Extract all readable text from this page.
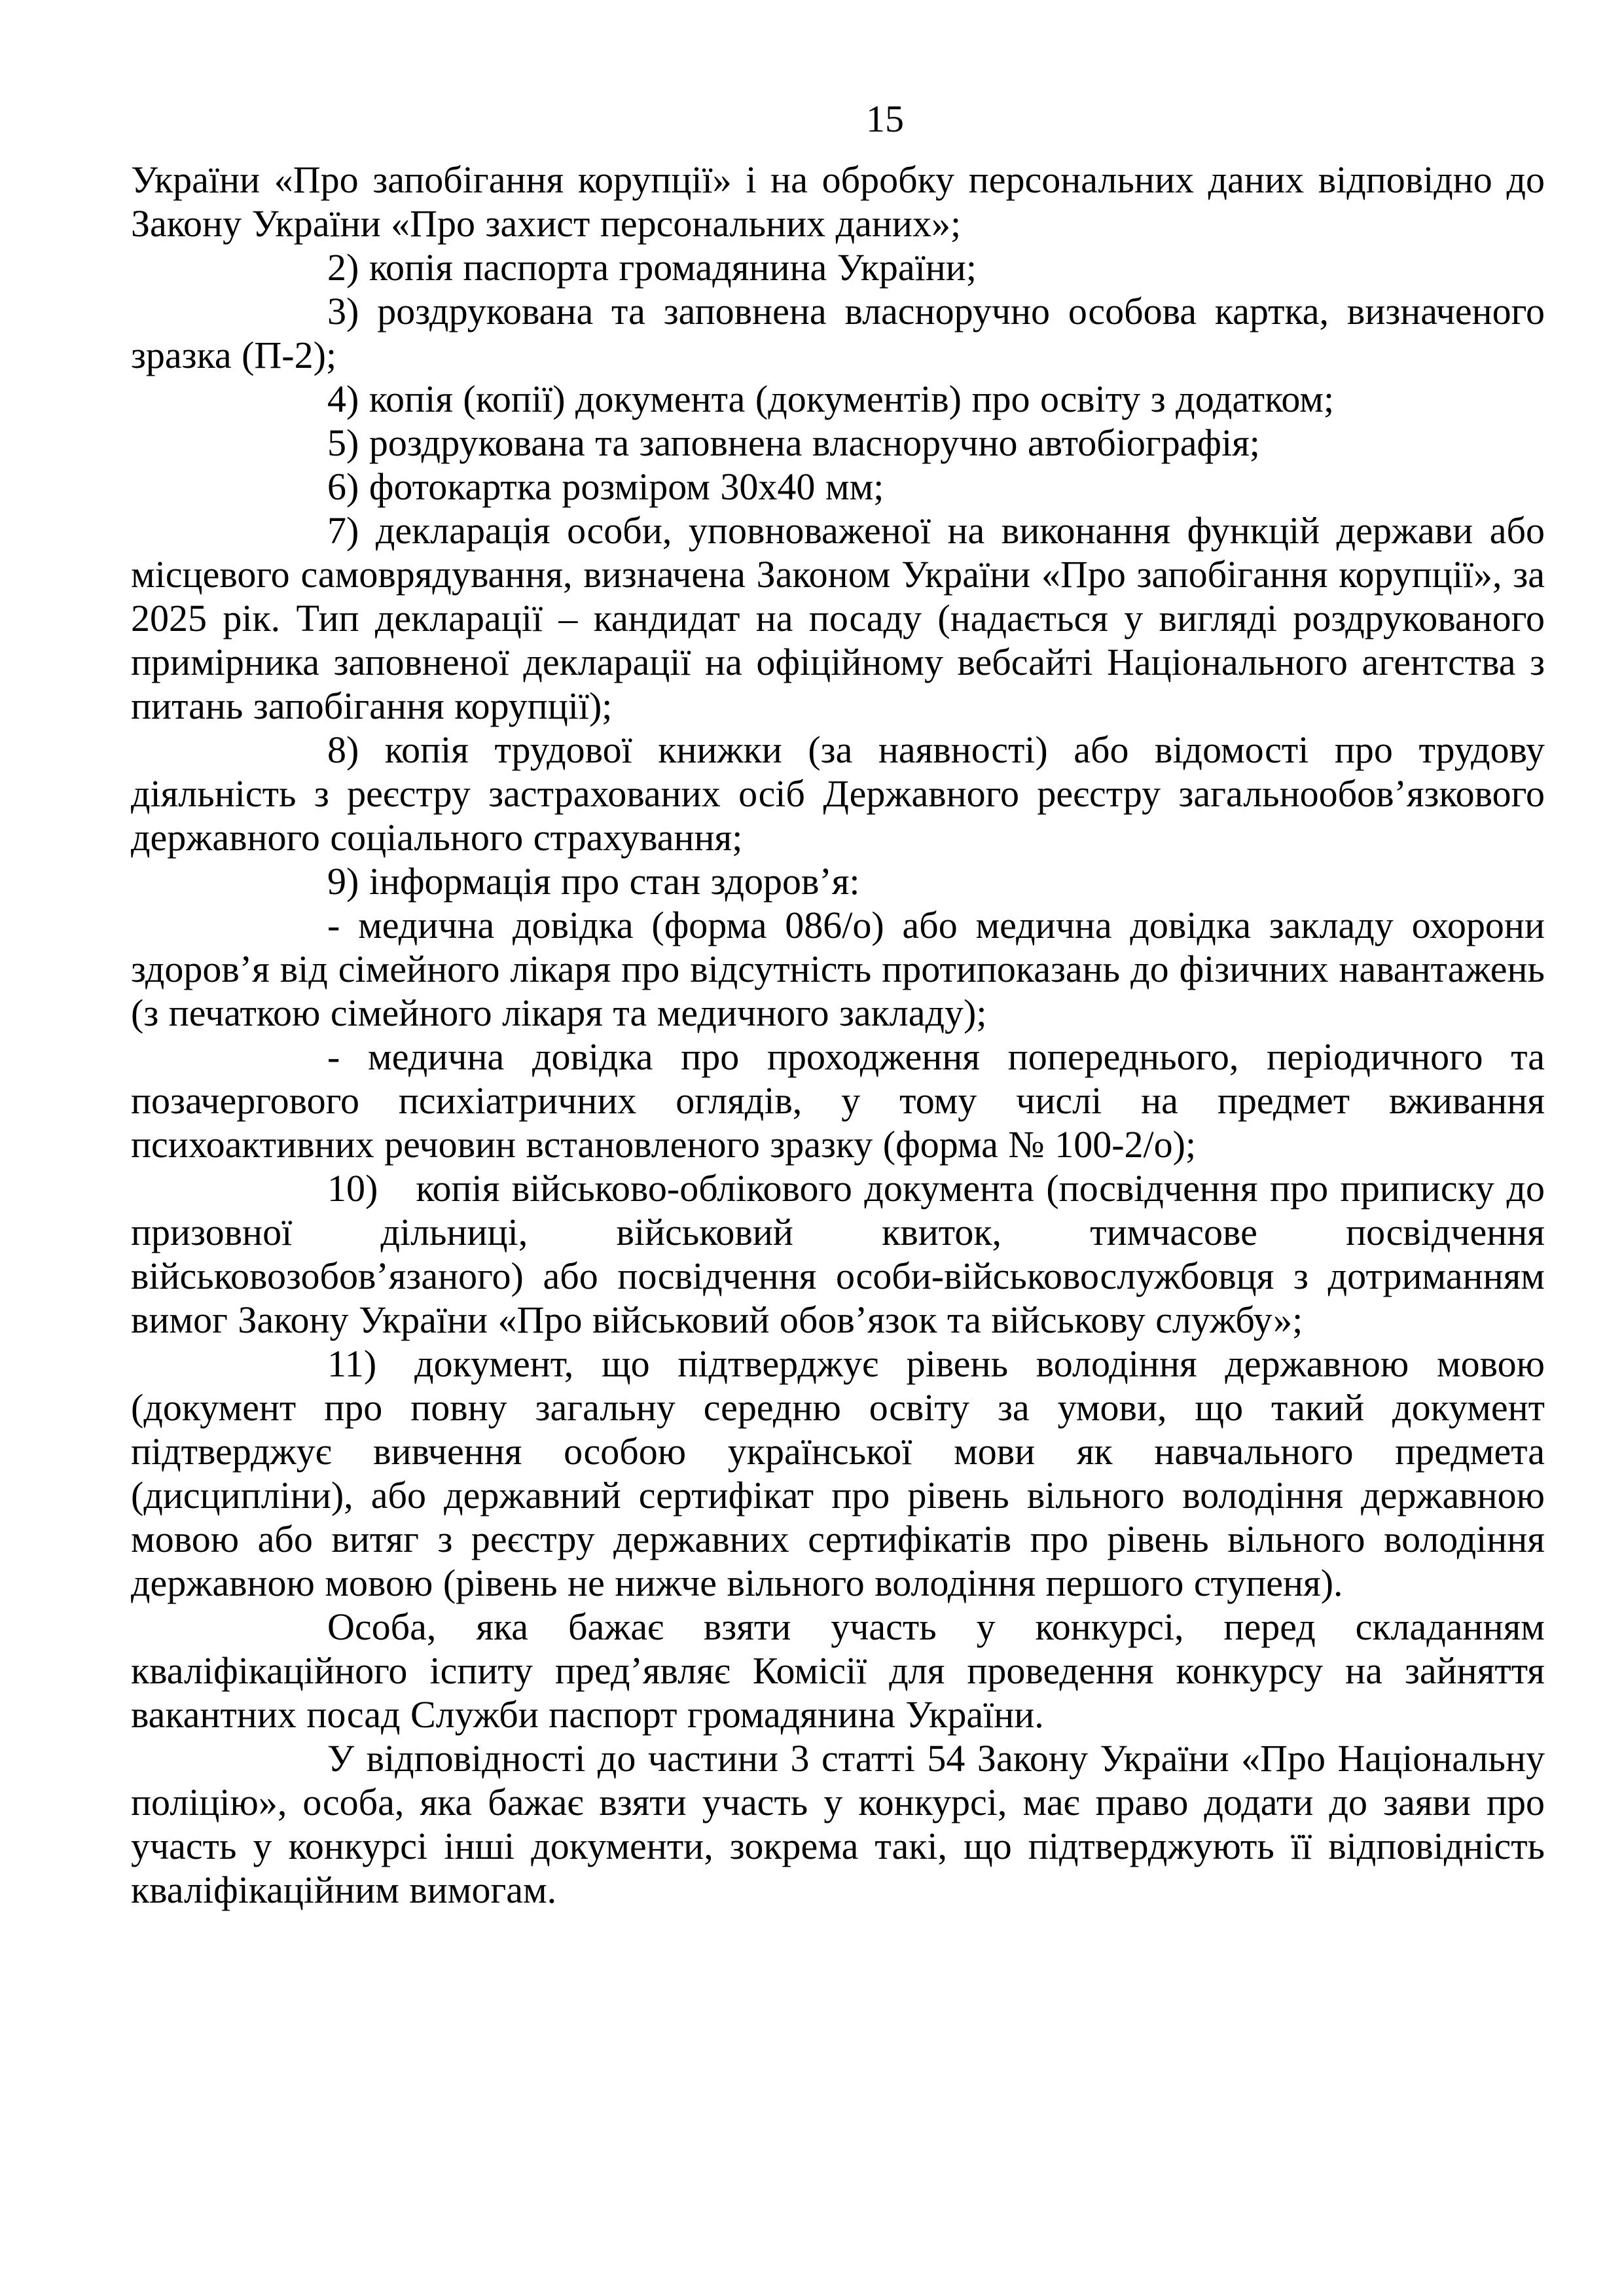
15

України «Про запобігання корупції» і на обробку персональних даних відповідно до Закону України «Про захист персональних даних»;

2) копія паспорта громадянина України;

3) роздрукована та заповнена власноручно особова картка, визначеного зразка (П-2);

4) копія (копії) документа (документів) про освіту з додатком;

5) роздрукована та заповнена власноручно автобіографія;

6) фотокартка розміром 30х40 мм;

7) декларація особи, уповноваженої на виконання функцій держави або місцевого самоврядування, визначена Законом України «Про запобігання корупції», за 2025 рік. Тип декларації – кандидат на посаду (надається у вигляді роздрукованого примірника заповненої декларації на офіційному вебсайті Національного агентства з питань запобігання корупції);

8) копія трудової книжки (за наявності) або відомості про трудову діяльність з реєстру застрахованих осіб Державного реєстру загальнообов’язкового державного соціального страхування;

9) інформація про стан здоров’я:

- медична довідка (форма 086/о) або медична довідка закладу охорони здоров’я від сімейного лікаря про відсутність протипоказань до фізичних навантажень (з печаткою сімейного лікаря та медичного закладу);

- медична довідка про проходження попереднього, періодичного та позачергового психіатричних оглядів, у тому числі на предмет вживання психоактивних речовин встановленого зразку (форма № 100-2/о);

10) копія військово-облікового документа (посвідчення про приписку до призовної дільниці, військовий квиток, тимчасове посвідчення військовозобов’язаного) або посвідчення особи-військовослужбовця з дотриманням вимог Закону України «Про військовий обов’язок та військову службу»;

11) документ, що підтверджує рівень володіння державною мовою (документ про повну загальну середню освіту за умови, що такий документ підтверджує вивчення особою української мови як навчального предмета (дисципліни), або державний сертифікат про рівень вільного володіння державною мовою або витяг з реєстру державних сертифікатів про рівень вільного володіння державною мовою (рівень не нижче вільного володіння першого ступеня).

Особа, яка бажає взяти участь у конкурсі, перед складанням кваліфікаційного іспиту пред’являє Комісії для проведення конкурсу на зайняття вакантних посад Служби паспорт громадянина України.

У відповідності до частини 3 статті 54 Закону України «Про Національну поліцію», особа, яка бажає взяти участь у конкурсі, має право додати до заяви про участь у конкурсі інші документи, зокрема такі, що підтверджують її відповідність кваліфікаційним вимогам.
